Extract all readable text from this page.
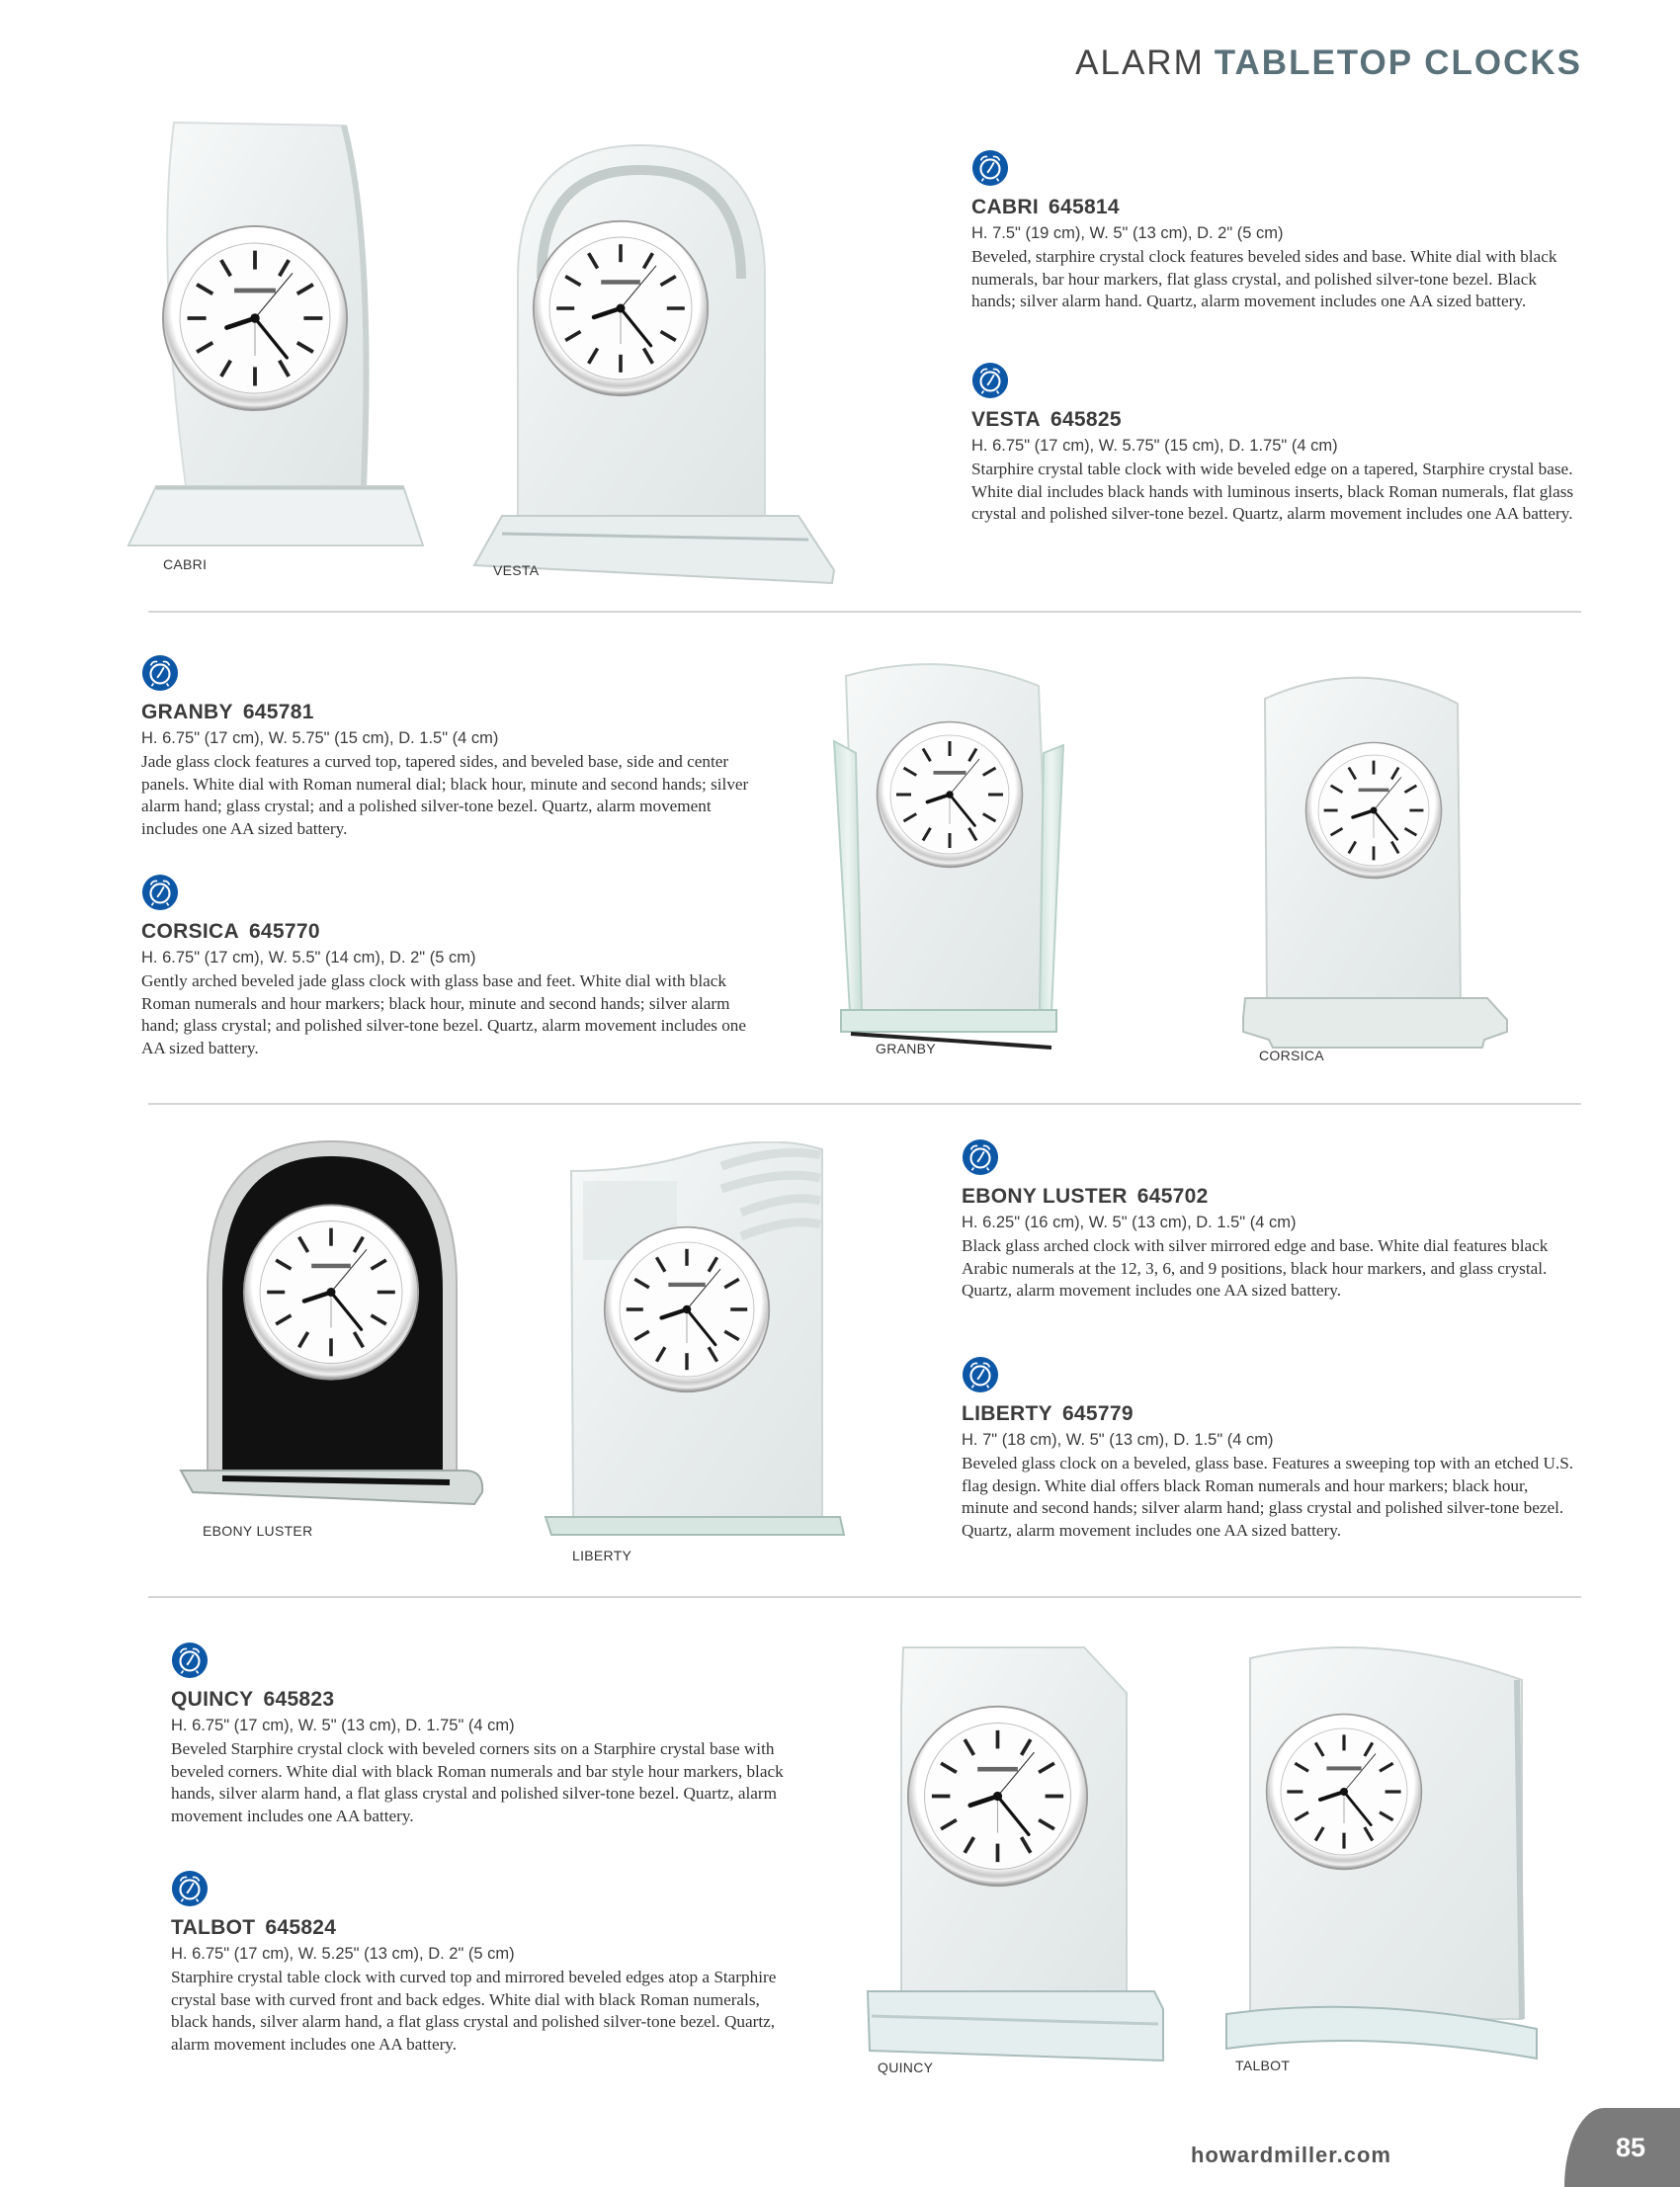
ALARM TABLETOP CLOCKS
CABRI	VESTA
CABRI 645814
H. 7.5" (19 cm), W. 5" (13 cm), D. 2" (5 cm)
Beveled, starphire crystal clock features beveled sides and base. White dial with black numerals, bar hour markers, flat glass crystal, and polished silver-tone bezel. Black hands; silver alarm hand. Quartz, alarm movement includes one AA sized battery.
VESTA 645825
H. 6.75" (17 cm), W. 5.75" (15 cm), D. 1.75" (4 cm)
Starphire crystal table clock with wide beveled edge on a tapered, Starphire crystal base. White dial includes black hands with luminous inserts, black Roman numerals, flat glass crystal and polished silver-tone bezel. Quartz, alarm movement includes one AA battery.
GRANBY 645781
H. 6.75" (17 cm), W. 5.75" (15 cm), D. 1.5" (4 cm)
Jade glass clock features a curved top, tapered sides, and beveled base, side and center panels. White dial with Roman numeral dial; black hour, minute and second hands; silver alarm hand; glass crystal; and a polished silver-tone bezel. Quartz, alarm movement includes one AA sized battery.
CORSICA 645770
H. 6.75" (17 cm), W. 5.5" (14 cm), D. 2" (5 cm)
Gently arched beveled jade glass clock with glass base and feet. White dial with black Roman numerals and hour markers; black hour, minute and second hands; silver alarm hand; glass crystal; and polished silver-tone bezel. Quartz, alarm movement includes one AA sized battery.	GRANBY	CORSICA
EBONY LUSTER
LIBERTY
EBONY LUSTER 645702
H. 6.25" (16 cm), W. 5" (13 cm), D. 1.5" (4 cm)
Black glass arched clock with silver mirrored edge and base. White dial features black Arabic numerals at the 12, 3, 6, and 9 positions, black hour markers, and glass crystal. Quartz, alarm movement includes one AA sized battery.
LIBERTY 645779
H. 7" (18 cm), W. 5" (13 cm), D. 1.5" (4 cm)
Beveled glass clock on a beveled, glass base. Features a sweeping top with an etched U.S. flag design. White dial offers black Roman numerals and hour markers; black hour, minute and second hands; silver alarm hand; glass crystal and polished silver-tone bezel. Quartz, alarm movement includes one AA sized battery.
QUINCY 645823
H. 6.75" (17 cm), W. 5" (13 cm), D. 1.75" (4 cm)
Beveled Starphire crystal clock with beveled corners sits on a Starphire crystal base with beveled corners. White dial with black Roman numerals and bar style hour markers, black hands, silver alarm hand, a flat glass crystal and polished silver-tone bezel. Quartz, alarm movement includes one AA battery.
TALBOT 645824
H. 6.75" (17 cm), W. 5.25" (13 cm), D. 2" (5 cm)
Starphire crystal table clock with curved top and mirrored beveled edges atop a Starphire crystal base with curved front and back edges. White dial with black Roman numerals, black hands, silver alarm hand, a flat glass crystal and polished silver-tone bezel. Quartz, alarm movement includes one AA battery.
QUINCY	TALBOT
howardmiller.com	85
